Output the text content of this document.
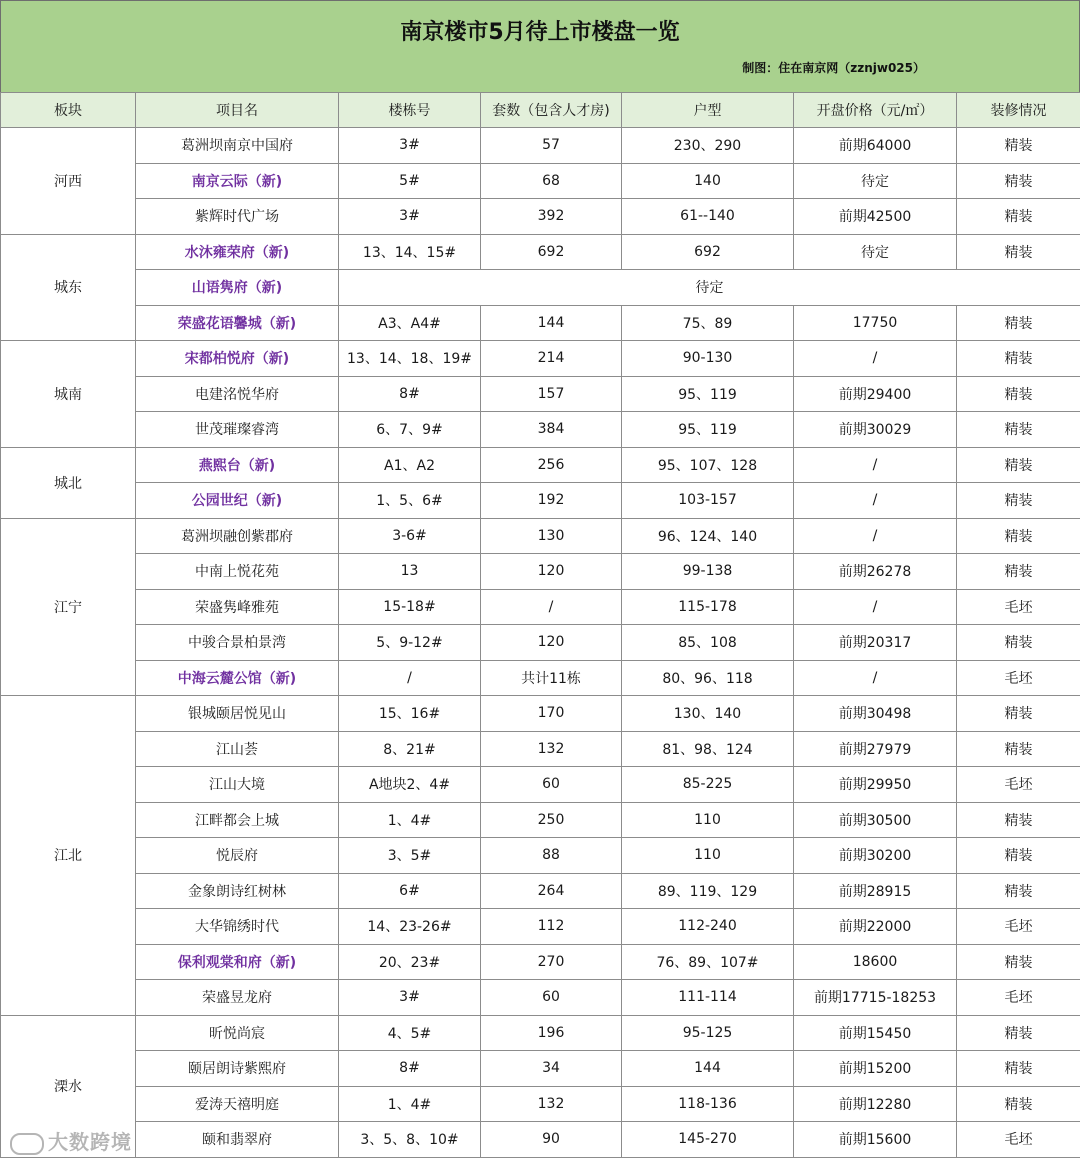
南京楼市5月待上市楼盘一览
制图：住在南京网（zznjw025）
板块	项目名	楼栋号	套数（包含人才房)	户型	开盘价格（元/㎡）	装修情况
河西	葛洲坝南京中国府	3#	57	230、290	前期64000	精装
	南京云际（新)	5#	68	140	待定	精装
	紫辉时代广场	3#	392	61--140	前期42500	精装
城东	水沐雍荣府（新)	13、14、15#	692	692	待定	精装
	山语隽府（新)	待定				
	荣盛花语馨城（新)	A3、A4#	144	75、89	17750	精装
城南	宋都柏悦府（新)	13、14、18、19#	214	90-130	/	精装
	电建洺悦华府	8#	157	95、119	前期29400	精装
	世茂璀璨睿湾	6、7、9#	384	95、119	前期30029	精装
城北	燕熙台（新)	A1、A2	256	95、107、128	/	精装
	公园世纪（新)	1、5、6#	192	103-157	/	精装
江宁	葛洲坝融创紫郡府	3-6#	130	96、124、140	/	精装
	中南上悦花苑	13	120	99-138	前期26278	精装
	荣盛隽峰雅苑	15-18#	/	115-178	/	毛坯
	中骏合景柏景湾	5、9-12#	120	85、108	前期20317	精装
	中海云麓公馆（新)	/	共计11栋	80、96、118	/	毛坯
江北	银城颐居悦见山	15、16#	170	130、140	前期30498	精装
	江山荟	8、21#	132	81、98、124	前期27979	精装
	江山大境	A地块2、4#	60	85-225	前期29950	毛坯
	江畔都会上城	1、4#	250	110	前期30500	精装
	悦辰府	3、5#	88	110	前期30200	精装
	金象朗诗红树林	6#	264	89、119、129	前期28915	精装
	大华锦绣时代	14、23-26#	112	112-240	前期22000	毛坯
	保利观棠和府（新)	20、23#	270	76、89、107#	18600	精装
	荣盛昱龙府	3#	60	111-114	前期17715-18253	毛坯
溧水	昕悦尚宸	4、5#	196	95-125	前期15450	精装
	颐居朗诗紫熙府	8#	34	144	前期15200	精装
	爱涛天禧明庭	1、4#	132	118-136	前期12280	精装
	颐和翡翠府	3、5、8、10#	90	145-270	前期15600	毛坯
大数跨境
